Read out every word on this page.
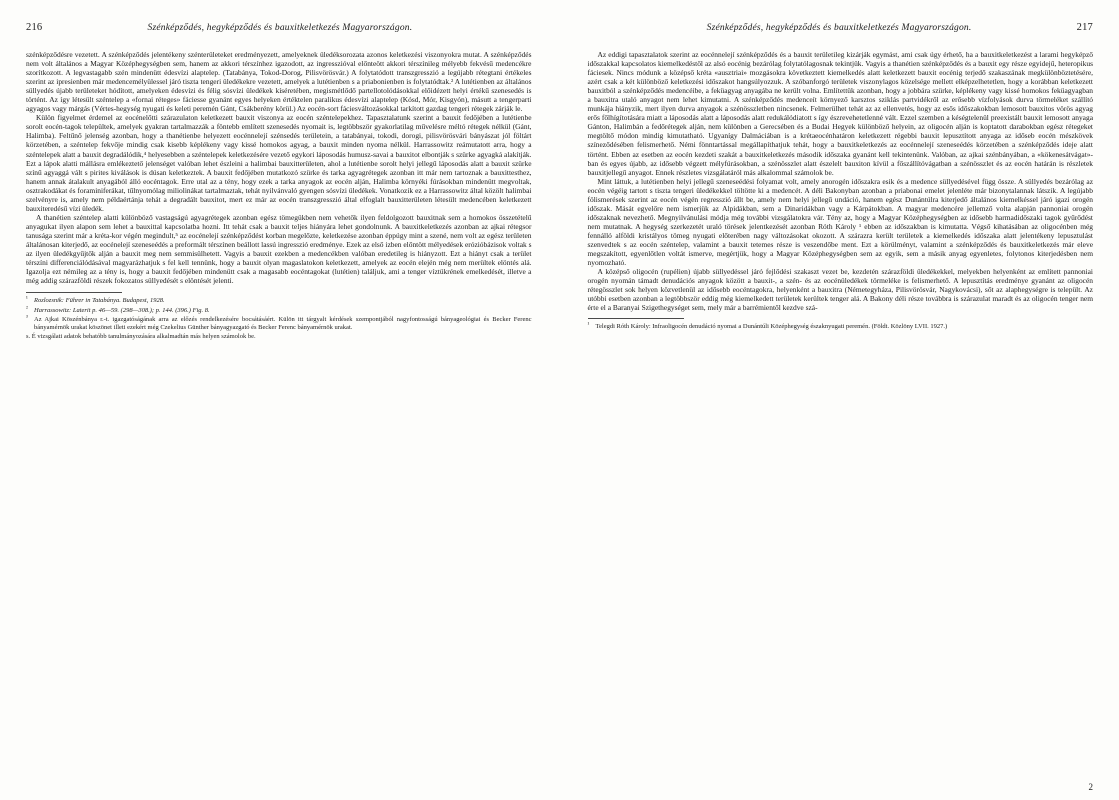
216	Szénképződés, hegyképződés és bauxitkeletkezés Magyarországon.

szénképződésre vezetett. A szénképződés jelentékeny szénterületeket eredményezett, amelyeknek üledéksorozata azonos keletkezési viszonyokra mutat. A szénképződés nem volt általános a Magyar Középhegységben sem, hanem az akkori térszínhez igazodott, az ingresszióval előnteött akkori térszínileg mélyebb fekvésű medencékre szorítkozott. A legvastagabb szén mindenütt édesvízi alaptelep. (Tatabánya, Tokod-Dorog, Pilisvörösvár.) A folytatódott transzgresszió a legújabb rétegtani értékeles szerint az ipresienben már medencemélyülessel járó tiszta tengeri üledékekre vezetett, amelyek a lutétienben s a priabonienben is folytatódtak.² A lutétienben az általános süllyedés újabb területeket hódított, amelyeken édesvízi és félig sósvízi üledékek kíséretében, megismétlődő partellotolódásokkal előidézett helyi értékű szenesedés is történt. Az így létesült széntelep a «fornai réteges» fáciesse gyanánt egyes helyeken értéktelen paralikus édesvízi alaptelep (Kósd, Mór, Kisgyón), másutt a tengerparti agyagos vagy márgás (Vértes-hegység nyugati és keleti peremén Gánt, Csákberény körül.) Az eocén-sort fáciesváltozásokkal tarkított gazdag tengeri rétegek zárják le.

Külön figyelmet érdemel az eocénelőtti szárazulaton keletkezett bauxit viszonya az eocén széntelepekhez. Tapasztalatunk szerint a bauxit fedőjében a lutétienbe sorolt eocén-tagok települtek, amelyek gyakran tartalmazzák a föntebb említett szenesedés nyomait is, legtöbbször gyakorlatilag művelésre méltó rétegek nélkül (Gánt, Halimba). Feltűnő jelenség azonban, hogy a thanétienbe helyezett eocénnelejí szénsedés területein, a tatabányai, tokodi, dorogi, pilisvörösvári bányászat jól föltárt körzetében, a széntelep fekvője mindig csak kisebb képlékeny vagy kissé homokos agyag, a bauxit minden nyoma nélkül. Harrassowitz reámutatott arra, hogy a széntelepek alatt a bauxit degradálódik,⁴ helyesebben a széntelepek keletkezésére vezető egykori láposodás humusz-savai a bauxitot elbontják s szürke agyagká alakítják. Ezt a lápok alatti mállásra emlékeztető jelenséget valóban lehet észleini a halimbai bauxitterületen, ahol a lutétienbe sorolt helyi jellegű láposodás alatt a bauxit szürke színű agyaggá vált s pirites kiválások is dúsan keletkeztek. A bauxit fedőjében mutatkozó szürke és tarka agyagrétegek azonban itt már nem tartoznak a bauxittesthez, hanem annak átalakult anyagából álló eocéntagok. Erre utal az a tény, hogy ezek a tarka anyagok az eocén alján, Halimba környéki fúrásokban mindenütt megvoltak, osztrakodákat és foraminiferákat, tűlnyomólag miliolinákat tartalmaztak, tehát nyilvánvaló gyengen sósvízi üledékek. Vonatkozik ez a Harrassowitz által közölt halimbai szelvényre is, amely nem példaértánja tehát a degradált bauxitot, mert ez már az eocén transzgresszió által elfoglalt bauxitterületen létesült medencében keletkezett bauxiteredésű vízi üledék.

A thanétien széntelep alatti különböző vastagságú agyagrétegek azonban egész tömegükben nem vehetők ilyen feldolgozott bauxitnak sem a homokos összetételű anyagukat ilyen alapon sem lehet a bauxittal kapcsolatba hozni. Itt tehát csak a bauxit teljes hiányára lehet gondolnunk. A bauxitkeletkezés azonban az ajkai rétegsor tanusága szerint már a kréta-kor végén megindult,⁵ az eocénelejí szénképződést korban megelőzte, keletkezése azonban éppúgy mint a szené, nem volt az egész területen általánosan kiterjedő, az eocénelejí szeneseédés a preformált térszínen beállott lassú ingresszió eredménye. Ezek az első izben előntött mélyedések erózióbázisok voltak s az ilyen üledékgyűjtők alján a bauxit meg nem semmisülhetett. Vagyis a bauxit ezekben a medencékben valóban eredetileg is hiányzott. Ezt a hiányt csak a terület térszíni differenciálódásával magyarázhatjuk s fel kell tennünk, hogy a bauxit olyan magaslatokon keletkezett, amelyek az eocén elején még nem merültek elöntés alá. Igazolja ezt némileg az a tény is, hogy a bauxit fedőjében mindenütt csak a magasabb eocéntagokat (lutétien) találjuk, ami a tenger víztükrének emelkedését, illetve a még addig szárazföldi részek fokozatos süllyedését s elöntését jelenti.

¹ Rozlozsnik: Führer in Tatabánya. Budapest, 1928.

² Harrassowitz: Laterit p. 46—59. (298—308.); p. 144. (396.) Fig. 8.

³ Az Ajkai Köszénbánya r.-t. igazgatóságának arra az előzés rendelkezésére bocsátásáért. Külön itt tárgyalt kérdések szempontjából nagyfontosságú bányageológiai és Becker Ferenc bányamérnök urakat köszönet illeti ezekért még Czekelius Günther bányagyazgató és Becker Ferenc bányamérnök urakat.

s. É vizsgálati adatok behatóbb tanulmányozására alkalmadtán más helyen számolok be.

Szénképződés, hegyképződés és bauxitkeletkezés Magyarországon.	217

Az eddigi tapasztalatok szerint az eocénnelejí szénképződés és a bauxit területileg kizárják egymást, ami csak úgy érhető, ha a bauxitkeletkezést a larami hegyképző időszakkal kapcsolatos kiemelkedéstől az alsó eocénig bezárólag folytatólagosnak tekintjük. Vagyis a thanétien szénképződés és a bauxit egy része egyidejű, heteropikus fáciesek. Nincs módunk a középső kréta «ausztriai» mozgásokra következtett kiemelkedés alatt keletkezett bauxit eocénig terjedő szakaszának megkülönböztetésére, azért csak a két különböző keletkezési időszakot hangsúlyozzuk. A szóbanforgó területek viszonylagos közelsége mellett elképzelhetetlen, hogy a korábban keletkezett bauxitból a szénképződés medencéibe, a feküagyag anyagába ne került volna. Említettük azonban, hogy a jobbára szürke, képlékeny vagy kissé homokos feküagyagban a bauxitra utaló anyagot nem lehet kimutatni. A szénképződés medenceít környező karsztos sziklás partvidékről az erősebb vízfolyások durva törmeléket szállító munkája hiányzik, mert ilyen durva anyagok a szénösszletben nincsenek. Felmerülhet tehát az az ellenvetés, hogy az esős időszakokban lemosott bauxitos vörös agyag erős főlhígítotására miatt a láposodás alatt a láposodás alatt redukálódiatott s így észrevehetetlenné vált. Ezzel szemben a késégtelenül preexistált bauxit lemosott anyaga Gánton, Halimbán a fedőrétegek alján, nem különben a Gerecsében és a Budai Hegyek különböző helyein, az oligocén alján is koptatott darabokban egész rétegeket megtöltő módon mindig kimutatható. Ugyanígy Dalmáciában is a krétaeocénhatáron keletkezett régebbi bauxit lepusztított anyaga az időseb eocén mészkövek színeződésében felismerhető. Némi fönntartással megállapíthatjuk tehát, hogy a bauxitkeletkezés az eocénnelejí szeneseédés körzetében a szénképződés ideje alatt történt. Ebben az esetben az eocén kezdeti szakát a bauxitkeletkezés második időszaka gyanánt kell tekintenünk. Valóban, az ajkai szénbányában, a «kökenesátvágat»-ban és egyes újabb, az idősebb végzett mélyfúrásokban, a szénösszlet alatt észelelt bauxiton kívül a főszállítóvágatban a szénösszlet és az eocén határán is részletek bauxitjellegű anyagot. Ennek részletes vizsgálatáról más alkalommal számolok be.

Mint láttuk, a lutétienben helyi jellegű szeneseédési folyamat volt, amely anorogén időszakra esik és a medence süllyedésével függ össze. A süllyedés bezárólag az eocén végéig tartott s tiszta tengeri üledékekkel töltötte ki a medencét. A déli Bakonyban azonban a priabonai emelet jelenléte már bizonytalannak látszik. A legújabb fölismerések szerint az eocén végén regresszió állt be, amely nem helyi jellegű undáció, hanem egész Dunántúlra kiterjedő általános kiemelkéssel járó igazi orogén időszak. Mását egyelőre nem ismerjük az Alpidákban, sem a Dinaridákban vagy a Kárpátokban. A magyar medencére jellemző volta alapján pannoniai orogén időszaknak nevezhető. Megnyilvánulási módja még további vizsgálatokra vár. Tény az, hogy a Magyar Középhegységben az idősebb harmadidőszaki tagok gyűrődést nem mutatnak. A hegység szerkezetét uraló törések jelentkezését azonban Róth Károly ¹ ebben az időszakban is kimutatta. Végső kihatásában az oligocénben még fennálló alföldi kristályos tömeg nyugati előterében nagy változásokat okozott. A szárazra került területek a kiemelkedés időszaka alatt jelentékeny lepusztulást szenvedtek s az eocén széntelep, valamint a bauxit tetemes része is veszendőbe ment. Ezt a körülményt, valamint a szénképződés és bauxitkeletkezés már eleve megszakított, egyenlőtlen voltát ismerve, megértjük, hogy a Magyar Középhegységben sem az egyik, sem a másik anyag egyenletes, folytonos kiterjedésben nem nyomozható.

A középső oligocén (rupélien) újabb süllyedéssel járó fejlődési szakaszt vezet be, kezdetén szárazföldi üledékekkel, melyekben helyenként az említett pannoniai orogén nyomán támadt denudációs anyagok között a bauxit-, a szén- és az eocénüledékek törmeléke is felismerhető. A lepusztítás eredménye gyanánt az oligocén rétegösszlet sok helyen közvetlenül az idősebb eocéntagokra, helyenként a bauxitra (Németegyháza, Pilisvörösvár, Nagykovácsi), sőt az alaphegységre is települt. Az utóbbi esetben azonban a legtöbbször eddig még kiemelkedett területek kerültek tenger alá. A Bakony déli része továbbra is szárazulat maradt és az oligocén tenger nem érte el a Baranyai Szigethegységet sem, mely már a barrémientől kezdve szá-

¹ Telegdi Róth Károly: Infraoligocén denudáció nyomai a Dunántúli Középhegység északnyugati peremén. (Földt. Közlöny LVII. 1927.)

2
